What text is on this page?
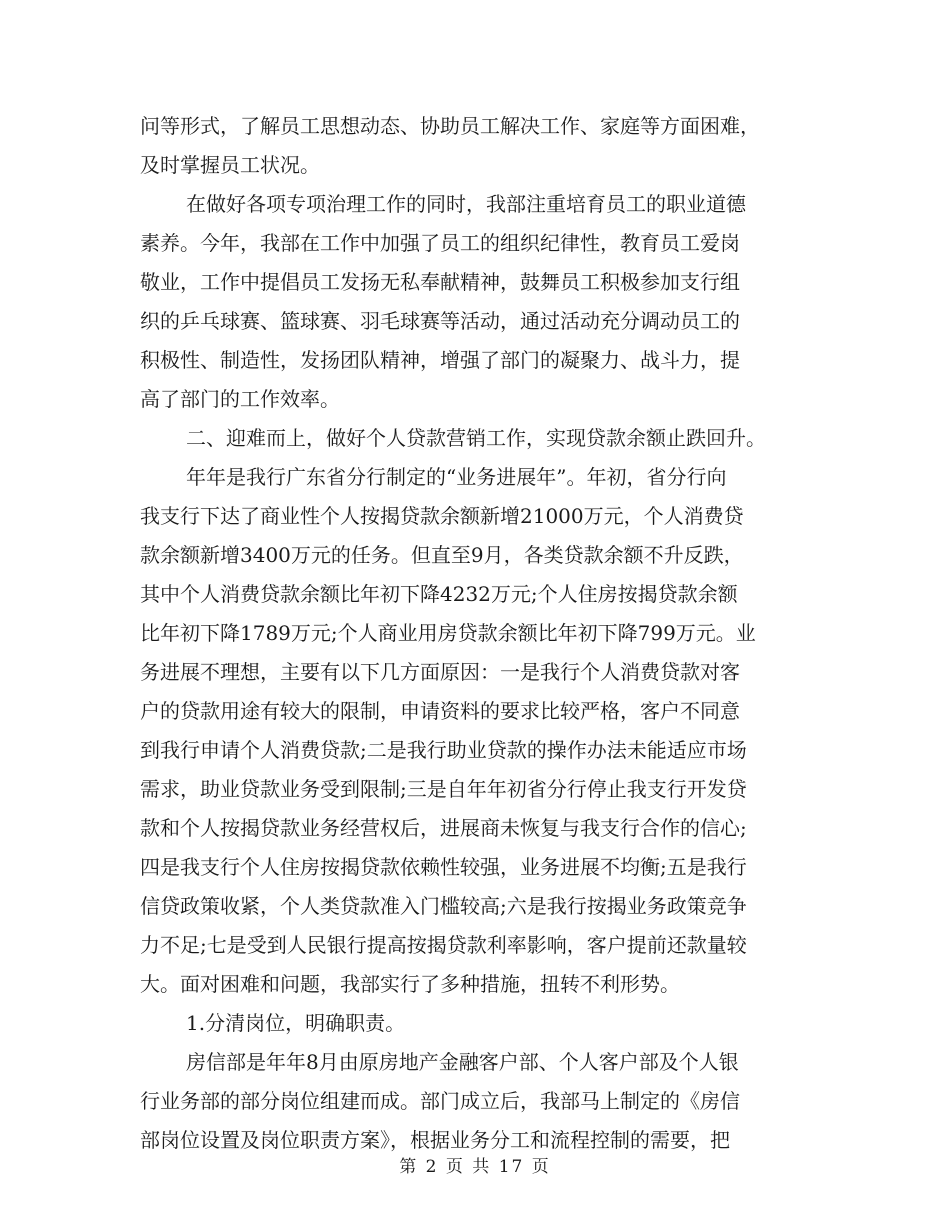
问等形式，了解员工思想动态、协助员工解决工作、家庭等方面困难，
及时掌握员工状况。
在做好各项专项治理工作的同时，我部注重培育员工的职业道德
素养。今年，我部在工作中加强了员工的组织纪律性，教育员工爱岗
敬业，工作中提倡员工发扬无私奉献精神，鼓舞员工积极参加支行组
织的乒乓球赛、篮球赛、羽毛球赛等活动，通过活动充分调动员工的
积极性、制造性，发扬团队精神，增强了部门的凝聚力、战斗力，提
高了部门的工作效率。
二、迎难而上，做好个人贷款营销工作，实现贷款余额止跌回升。
年年是我行广东省分行制定的“业务进展年”。年初，省分行向
我支行下达了商业性个人按揭贷款余额新增21000万元，个人消费贷
款余额新增3400万元的任务。但直至9月，各类贷款余额不升反跌，
其中个人消费贷款余额比年初下降4232万元;个人住房按揭贷款余额
比年初下降1789万元;个人商业用房贷款余额比年初下降799万元。业
务进展不理想，主要有以下几方面原因：一是我行个人消费贷款对客
户的贷款用途有较大的限制，申请资料的要求比较严格，客户不同意
到我行申请个人消费贷款;二是我行助业贷款的操作办法未能适应市场
需求，助业贷款业务受到限制;三是自年年初省分行停止我支行开发贷
款和个人按揭贷款业务经营权后，进展商未恢复与我支行合作的信心;
四是我支行个人住房按揭贷款依赖性较强，业务进展不均衡;五是我行
信贷政策收紧，个人类贷款准入门槛较高;六是我行按揭业务政策竞争
力不足;七是受到人民银行提高按揭贷款利率影响，客户提前还款量较
大。面对困难和问题，我部实行了多种措施，扭转不利形势。
1.分清岗位，明确职责。
房信部是年年8月由原房地产金融客户部、个人客户部及个人银
行业务部的部分岗位组建而成。部门成立后，我部马上制定的《房信
部岗位设置及岗位职责方案》，根据业务分工和流程控制的需要，把
第 2 页 共 17 页
